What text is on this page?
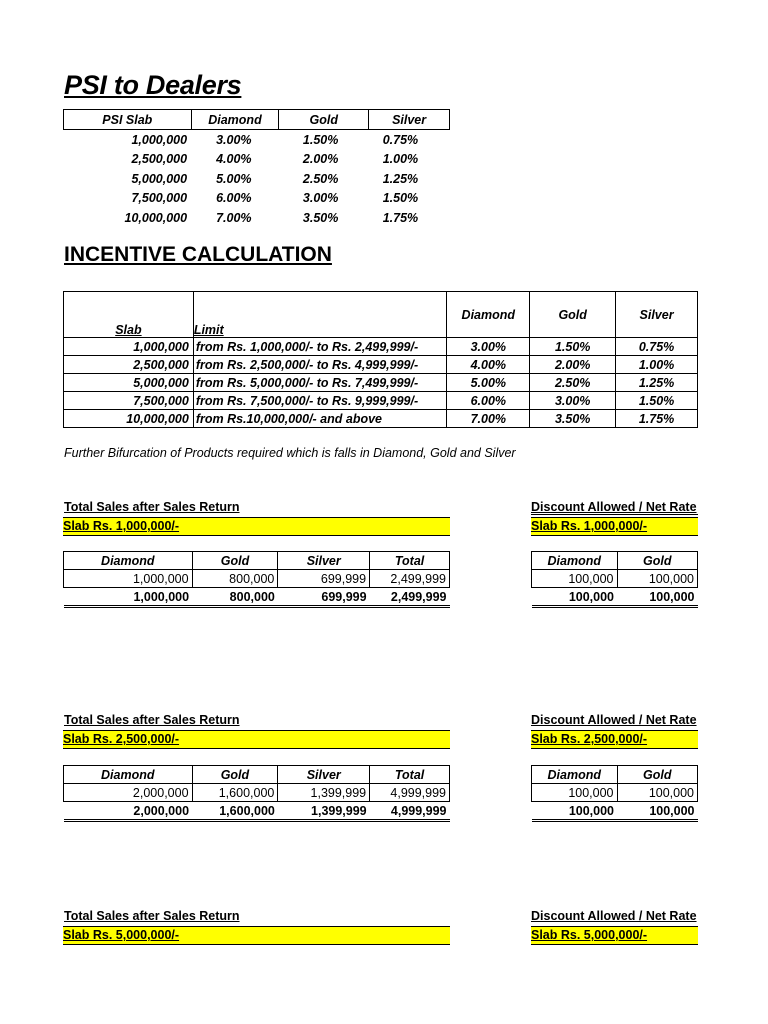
PSI to Dealers
PSI Slab	Diamond	Gold	Silver
1,000,000	3.00%	1.50%	0.75%
2,500,000	4.00%	2.00%	1.00%
5,000,000	5.00%	2.50%	1.25%
7,500,000	6.00%	3.00%	1.50%
10,000,000	7.00%	3.50%	1.75%
INCENTIVE CALCULATION
Slab	Limit	Diamond	Gold	Silver
1,000,000	from Rs. 1,000,000/- to Rs. 2,499,999/-	3.00%	1.50%	0.75%
2,500,000	from Rs. 2,500,000/- to Rs. 4,999,999/-	4.00%	2.00%	1.00%
5,000,000	from Rs. 5,000,000/- to Rs. 7,499,999/-	5.00%	2.50%	1.25%
7,500,000	from Rs. 7,500,000/- to Rs. 9,999,999/-	6.00%	3.00%	1.50%
10,000,000	from Rs.10,000,000/- and above	7.00%	3.50%	1.75%
Further Bifurcation of Products required which is falls in Diamond, Gold and Silver
Total Sales after Sales Return
Slab Rs. 1,000,000/-
Discount Allowed / Net Rate
Slab Rs. 1,000,000/-
Diamond	Gold	Silver	Total
1,000,000	800,000	699,999	2,499,999
1,000,000	800,000	699,999	2,499,999
Diamond	Gold
100,000	100,000
100,000	100,000
Total Sales after Sales Return
Slab Rs. 2,500,000/-
Discount Allowed / Net Rate
Slab Rs. 2,500,000/-
Diamond	Gold	Silver	Total
2,000,000	1,600,000	1,399,999	4,999,999
2,000,000	1,600,000	1,399,999	4,999,999
Diamond	Gold
100,000	100,000
100,000	100,000
Total Sales after Sales Return
Slab Rs. 5,000,000/-
Discount Allowed / Net Rate
Slab Rs. 5,000,000/-
